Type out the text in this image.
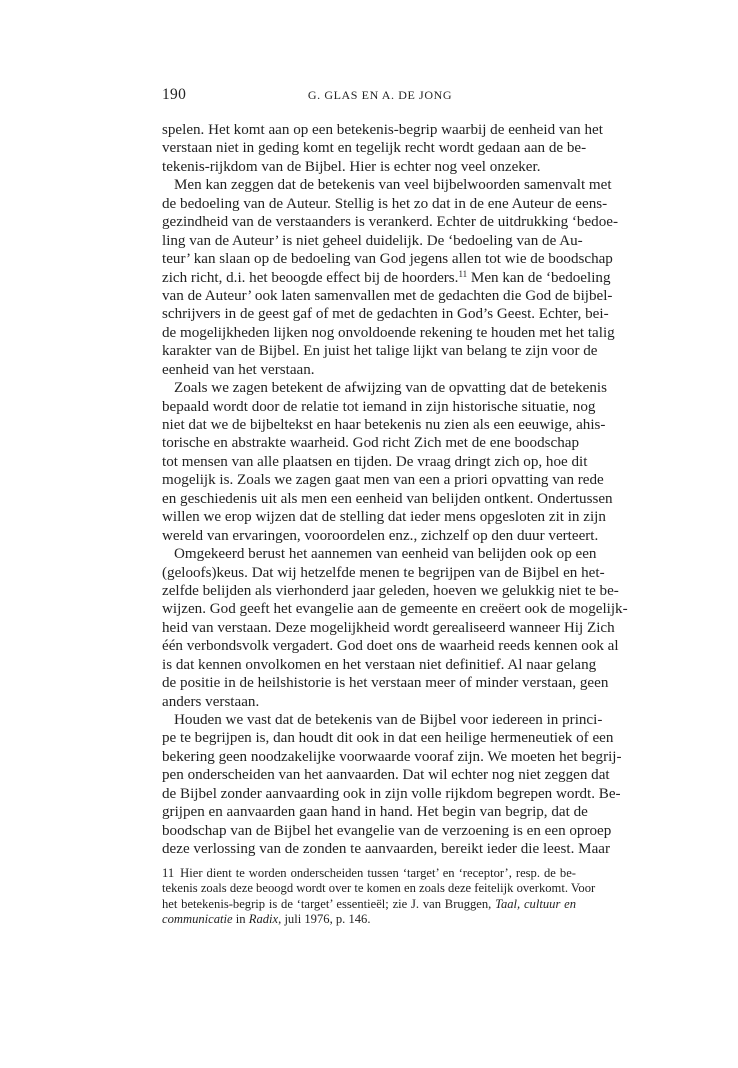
190	G. GLAS EN A. DE JONG
spelen. Het komt aan op een betekenis-begrip waarbij de eenheid van het
verstaan niet in geding komt en tegelijk recht wordt gedaan aan de be-
tekenis-rijkdom van de Bijbel. Hier is echter nog veel onzeker.
Men kan zeggen dat de betekenis van veel bijbelwoorden samenvalt met
de bedoeling van de Auteur. Stellig is het zo dat in de ene Auteur de eens-
gezindheid van de verstaanders is verankerd. Echter de uitdrukking ‘bedoe-
ling van de Auteur’ is niet geheel duidelijk. De ‘bedoeling van de Au-
teur’ kan slaan op de bedoeling van God jegens allen tot wie de boodschap
zich richt, d.i. het beoogde effect bij de hoorders.$^{11}$ Men kan de ‘bedoeling
van de Auteur’ ook laten samenvallen met de gedachten die God de bijbel-
schrijvers in de geest gaf of met de gedachten in God’s Geest. Echter, bei-
de mogelijkheden lijken nog onvoldoende rekening te houden met het talig
karakter van de Bijbel. En juist het talige lijkt van belang te zijn voor de
eenheid van het verstaan.
Zoals we zagen betekent de afwijzing van de opvatting dat de betekenis
bepaald wordt door de relatie tot iemand in zijn historische situatie, nog
niet dat we de bijbeltekst en haar betekenis nu zien als een eeuwige, ahis-
torische en abstrakte waarheid. God richt Zich met de ene boodschap
tot mensen van alle plaatsen en tijden. De vraag dringt zich op, hoe dit
mogelijk is. Zoals we zagen gaat men van een a priori opvatting van rede
en geschiedenis uit als men een eenheid van belijden ontkent. Ondertussen
willen we erop wijzen dat de stelling dat ieder mens opgesloten zit in zijn
wereld van ervaringen, vooroordelen enz., zichzelf op den duur verteert.
Omgekeerd berust het aannemen van eenheid van belijden ook op een
(geloofs)keus. Dat wij hetzelfde menen te begrijpen van de Bijbel en het-
zelfde belijden als vierhonderd jaar geleden, hoeven we gelukkig niet te be-
wijzen. God geeft het evangelie aan de gemeente en creëert ook de mogelijk-
heid van verstaan. Deze mogelijkheid wordt gerealiseerd wanneer Hij Zich
één verbondsvolk vergadert. God doet ons de waarheid reeds kennen ook al
is dat kennen onvolkomen en het verstaan niet definitief. Al naar gelang
de positie in de heilshistorie is het verstaan meer of minder verstaan, geen
anders verstaan.
Houden we vast dat de betekenis van de Bijbel voor iedereen in princi-
pe te begrijpen is, dan houdt dit ook in dat een heilige hermeneutiek of een
bekering geen noodzakelijke voorwaarde vooraf zijn. We moeten het begrij-
pen onderscheiden van het aanvaarden. Dat wil echter nog niet zeggen dat
de Bijbel zonder aanvaarding ook in zijn volle rijkdom begrepen wordt. Be-
grijpen en aanvaarden gaan hand in hand. Het begin van begrip, dat de
boodschap van de Bijbel het evangelie van de verzoening is en een oproep
deze verlossing van de zonden te aanvaarden, bereikt ieder die leest. Maar
11 Hier dient te worden onderscheiden tussen ‘target’ en ‘receptor’, resp. de be-
tekenis zoals deze beoogd wordt over te komen en zoals deze feitelijk overkomt. Voor
het betekenis-begrip is de ‘target’ essentieël; zie J. van Bruggen, Taal, cultuur en
communicatie in Radix, juli 1976, p. 146.
